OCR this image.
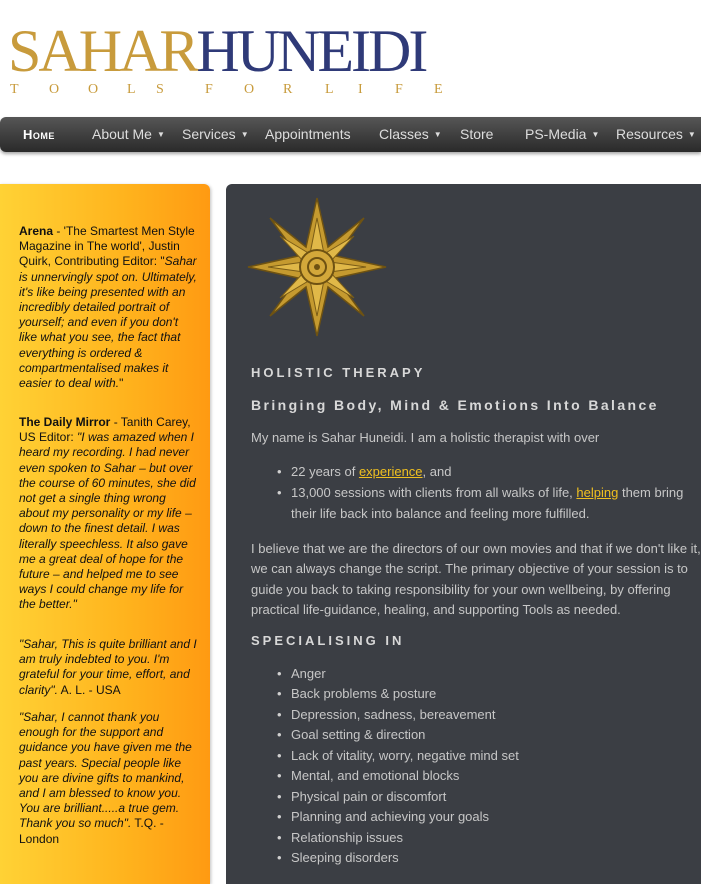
SAHARHUNEIDI
T O O L S	F O R L I F E
Home	About Me ▼ Services ▼ Appointments Classes ▼ Store PS-Media ▼ Resources ▼
Arena - 'The Smartest Men Style Magazine in The world', Justin Quirk, Contributing Editor: "Sahar is unnervingly spot on. Ultimately, it's like being presented with an incredibly detailed portrait of yourself; and even if you don't like what you see, the fact that everything is ordered & compartmentalised makes it easier to deal with."
The Daily Mirror - Tanith Carey, US Editor: "I was amazed when I heard my recording. I had never even spoken to Sahar – but over the course of 60 minutes, she did not get a single thing wrong about my personality or my life – down to the finest detail. I was literally speechless. It also gave me a great deal of hope for the future – and helped me to see ways I could change my life for the better."
"Sahar, This is quite brilliant and I am truly indebted to you. I'm grateful for your time, effort, and clarity". A. L. - USA
"Sahar, I cannot thank you enough for the support and guidance you have given me the past years. Special people like you are divine gifts to mankind, and I am blessed to know you. You are brilliant.....a true gem. Thank you so much". T.Q. - London
HOLISTIC THERAPY
Bringing Body, Mind & Emotions Into Balance
My name is Sahar Huneidi. I am a holistic therapist with over
• 22 years of experience, and
• 13,000 sessions with clients from all walks of life, helping them bring their life back into balance and feeling more fulfilled.
I believe that we are the directors of our own movies and that if we don't like it, we can always change the script. The primary objective of your session is to guide you back to taking responsibility for your own wellbeing, by offering practical life-guidance, healing, and supporting Tools as needed.
SPECIALISING IN
• Anger
• Back problems & posture
• Depression, sadness, bereavement
• Goal setting & direction
• Lack of vitality, worry, negative mind set
• Mental, and emotional blocks
• Physical pain or discomfort
• Planning and achieving your goals
• Relationship issues
• Sleeping disorders
